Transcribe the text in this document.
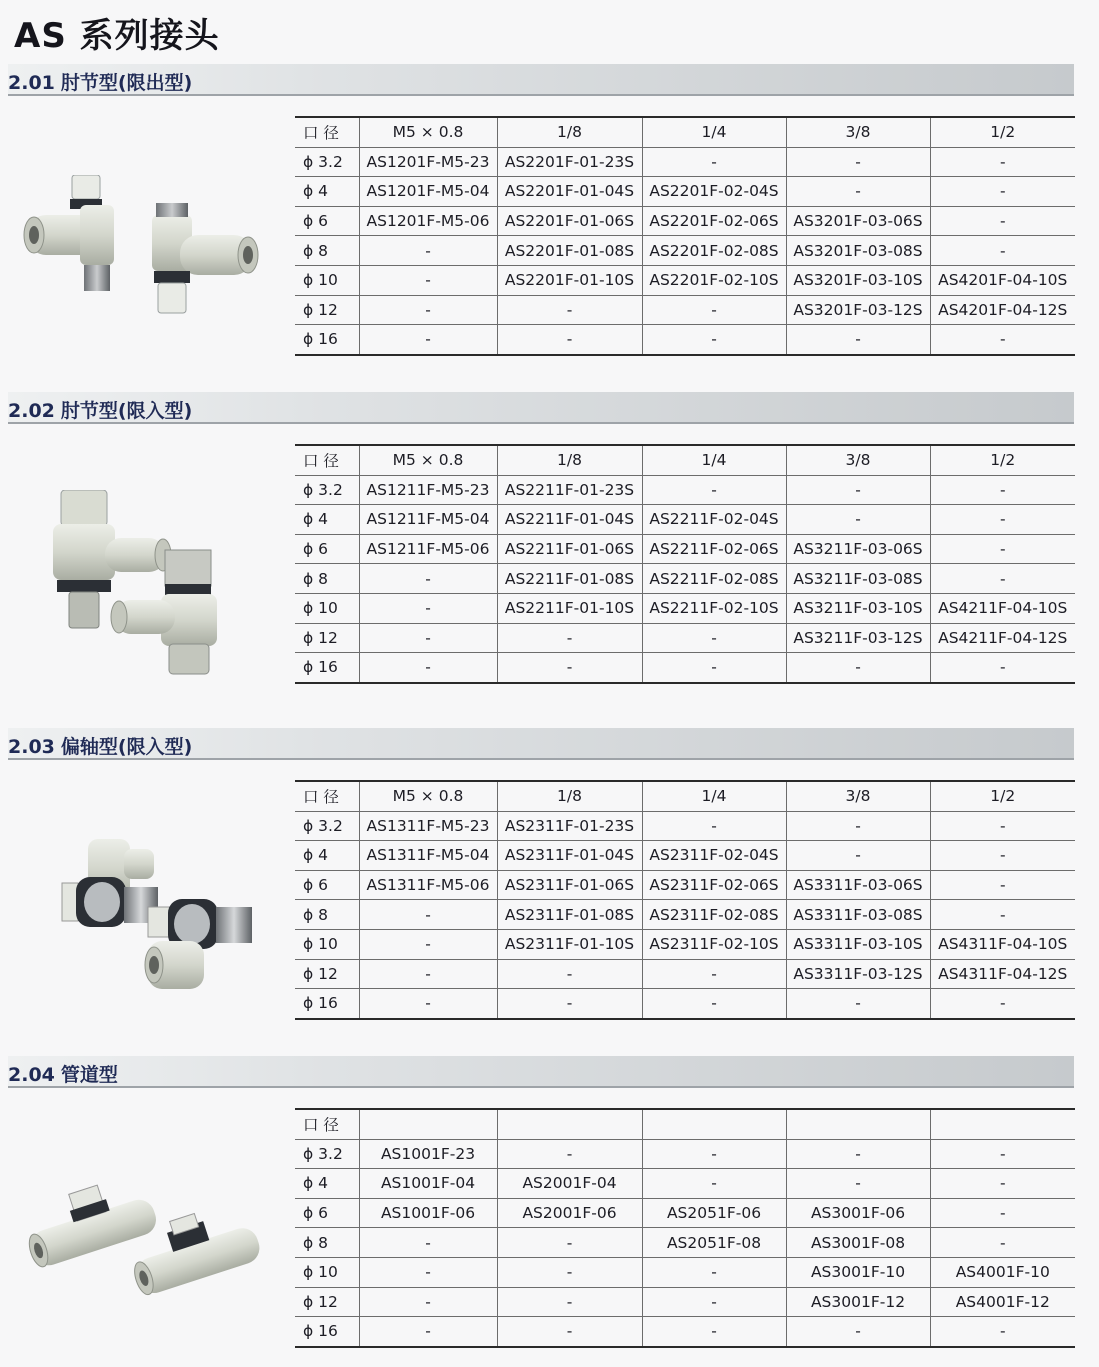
AS 系列接头
2.01 肘节型(限出型)
口 径	M5 × 0.8	1/8	1/4	3/8	1/2
ϕ 3.2	AS1201F-M5-23	AS2201F-01-23S	-	-	-
ϕ 4	AS1201F-M5-04	AS2201F-01-04S	AS2201F-02-04S	-	-
ϕ 6	AS1201F-M5-06	AS2201F-01-06S	AS2201F-02-06S	AS3201F-03-06S	-
ϕ 8	-	AS2201F-01-08S	AS2201F-02-08S	AS3201F-03-08S	-
ϕ 10	-	AS2201F-01-10S	AS2201F-02-10S	AS3201F-03-10S	AS4201F-04-10S
ϕ 12	-	-	-	AS3201F-03-12S	AS4201F-04-12S
ϕ 16	-	-	-	-	-
2.02 肘节型(限入型)
口 径	M5 × 0.8	1/8	1/4	3/8	1/2
ϕ 3.2	AS1211F-M5-23	AS2211F-01-23S	-	-	-
ϕ 4	AS1211F-M5-04	AS2211F-01-04S	AS2211F-02-04S	-	-
ϕ 6	AS1211F-M5-06	AS2211F-01-06S	AS2211F-02-06S	AS3211F-03-06S	-
ϕ 8	-	AS2211F-01-08S	AS2211F-02-08S	AS3211F-03-08S	-
ϕ 10	-	AS2211F-01-10S	AS2211F-02-10S	AS3211F-03-10S	AS4211F-04-10S
ϕ 12	-	-	-	AS3211F-03-12S	AS4211F-04-12S
ϕ 16	-	-	-	-	-
2.03 偏轴型(限入型)
口 径	M5 × 0.8	1/8	1/4	3/8	1/2
ϕ 3.2	AS1311F-M5-23	AS2311F-01-23S	-	-	-
ϕ 4	AS1311F-M5-04	AS2311F-01-04S	AS2311F-02-04S	-	-
ϕ 6	AS1311F-M5-06	AS2311F-01-06S	AS2311F-02-06S	AS3311F-03-06S	-
ϕ 8	-	AS2311F-01-08S	AS2311F-02-08S	AS3311F-03-08S	-
ϕ 10	-	AS2311F-01-10S	AS2311F-02-10S	AS3311F-03-10S	AS4311F-04-10S
ϕ 12	-	-	-	AS3311F-03-12S	AS4311F-04-12S
ϕ 16	-	-	-	-	-
2.04 管道型
口 径					
ϕ 3.2	AS1001F-23	-	-	-	-
ϕ 4	AS1001F-04	AS2001F-04	-	-	-
ϕ 6	AS1001F-06	AS2001F-06	AS2051F-06	AS3001F-06	-
ϕ 8	-	-	AS2051F-08	AS3001F-08	-
ϕ 10	-	-	-	AS3001F-10	AS4001F-10
ϕ 12	-	-	-	AS3001F-12	AS4001F-12
ϕ 16	-	-	-	-	-
